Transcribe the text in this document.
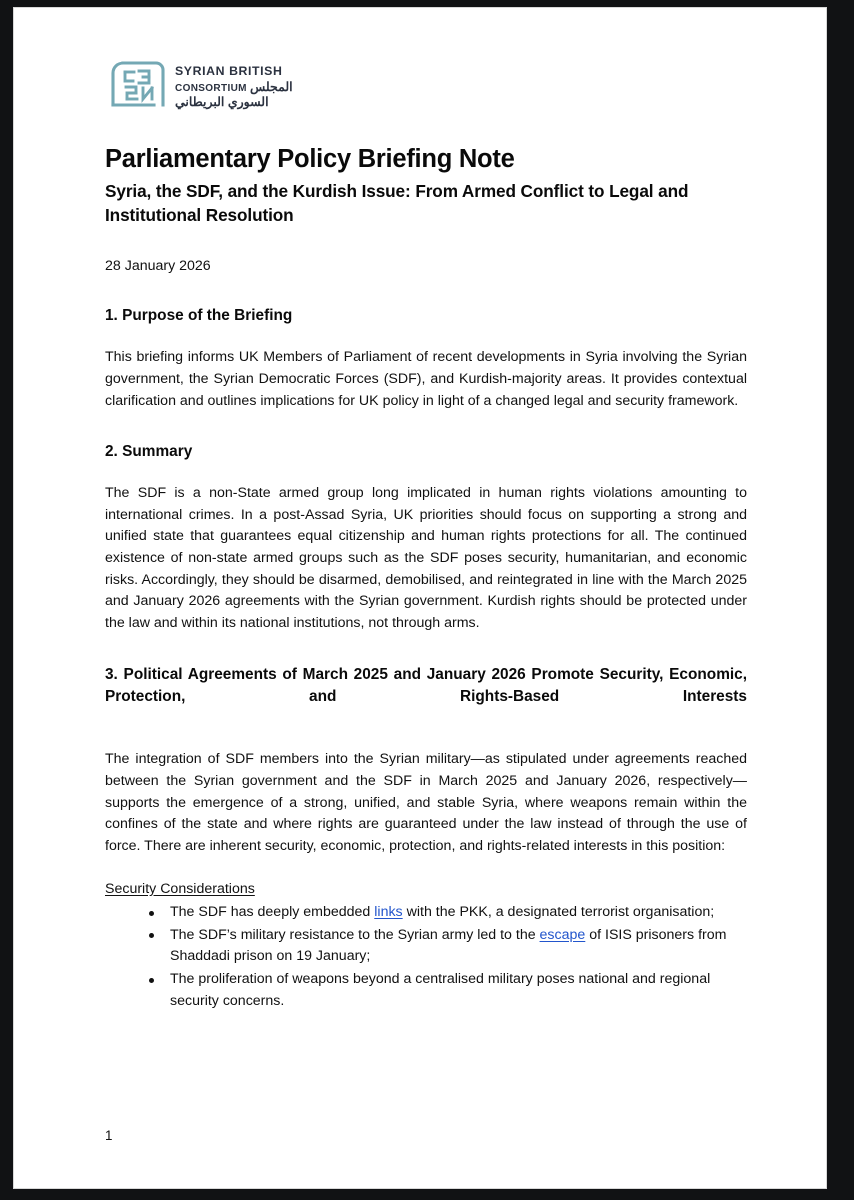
SYRIAN BRITISH
CONSORTIUM المجلس
السوري البريطاني
Parliamentary Policy Briefing Note
Syria, the SDF, and the Kurdish Issue: From Armed Conflict to Legal and Institutional Resolution
28 January 2026
1. Purpose of the Briefing

This briefing informs UK Members of Parliament of recent developments in Syria involving the Syrian government, the Syrian Democratic Forces (SDF), and Kurdish-majority areas. It provides contextual clarification and outlines implications for UK policy in light of a changed legal and security framework.

2. Summary

The SDF is a non-State armed group long implicated in human rights violations amounting to international crimes. In a post-Assad Syria, UK priorities should focus on supporting a strong and unified state that guarantees equal citizenship and human rights protections for all. The continued existence of non-state armed groups such as the SDF poses security, humanitarian, and economic risks. Accordingly, they should be disarmed, demobilised, and reintegrated in line with the March 2025 and January 2026 agreements with the Syrian government. Kurdish rights should be protected under the law and within its national institutions, not through arms.

3. Political Agreements of March 2025 and January 2026 Promote Security, Economic, Protection, and Rights-Based Interests

The integration of SDF members into the Syrian military—as stipulated under agreements reached between the Syrian government and the SDF in March 2025 and January 2026, respectively—supports the emergence of a strong, unified, and stable Syria, where weapons remain within the confines of the state and where rights are guaranteed under the law instead of through the use of force. There are inherent security, economic, protection, and rights-related interests in this position:

Security Considerations
The SDF has deeply embedded links with the PKK, a designated terrorist organisation;
The SDF’s military resistance to the Syrian army led to the escape of ISIS prisoners from Shaddadi prison on 19 January;
The proliferation of weapons beyond a centralised military poses national and regional security concerns.
1
